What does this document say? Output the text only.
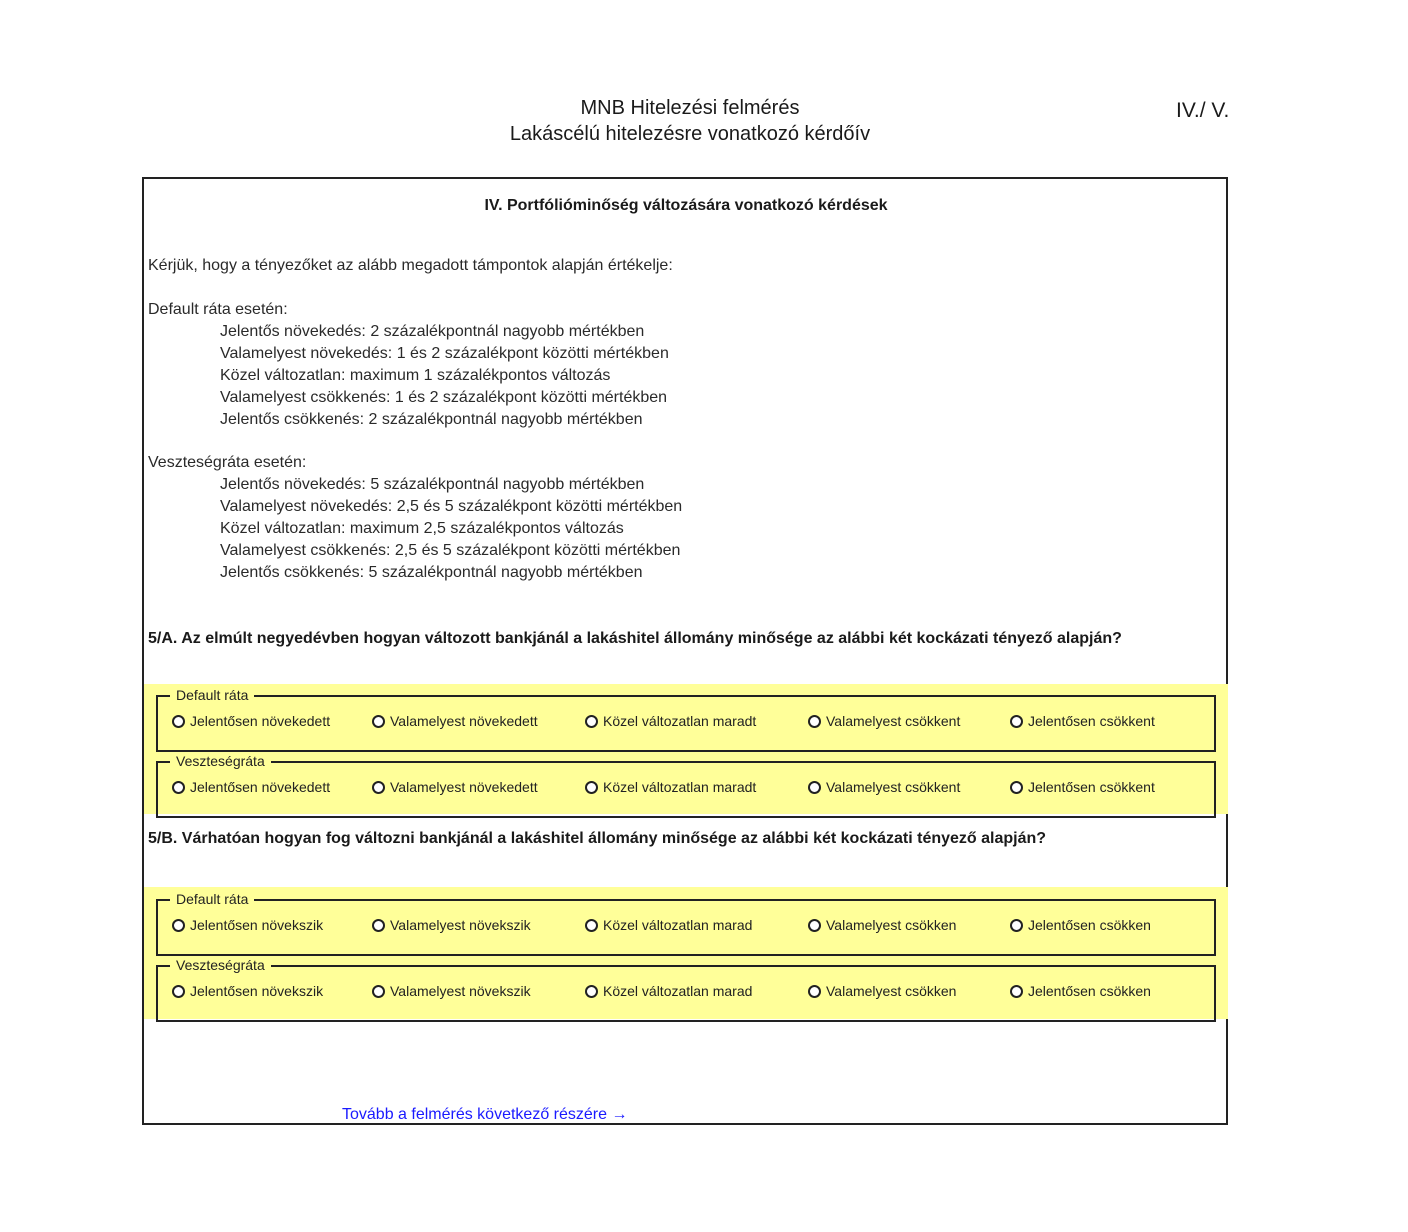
MNB Hitelezési felmérés
Lakáscélú hitelezésre vonatkozó kérdőív
IV./ V.
IV. Portfólióminőség változására vonatkozó kérdések
Kérjük, hogy a tényezőket az alább megadott támpontok alapján értékelje:
Default ráta esetén:
Jelentős növekedés: 2 százalékpontnál nagyobb mértékben
Valamelyest növekedés: 1 és 2 százalékpont közötti mértékben
Közel változatlan: maximum 1 százalékpontos változás
Valamelyest csökkenés: 1 és 2 százalékpont közötti mértékben
Jelentős csökkenés: 2 százalékpontnál nagyobb mértékben
Veszteségráta esetén:
Jelentős növekedés: 5 százalékpontnál nagyobb mértékben
Valamelyest növekedés: 2,5 és 5 százalékpont közötti mértékben
Közel változatlan: maximum 2,5 százalékpontos változás
Valamelyest csökkenés: 2,5 és 5 százalékpont közötti mértékben
Jelentős csökkenés: 5 százalékpontnál nagyobb mértékben
5/A. Az elmúlt negyedévben hogyan változott bankjánál a lakáshitel állomány minősége az alábbi két kockázati tényező alapján?
Default ráta
Jelentősen növekedett	Valamelyest növekedett	Közel változatlan maradt	Valamelyest csökkent	Jelentősen csökkent
Veszteségráta
Jelentősen növekedett	Valamelyest növekedett	Közel változatlan maradt	Valamelyest csökkent	Jelentősen csökkent
5/B. Várhatóan hogyan fog változni bankjánál a lakáshitel állomány minősége az alábbi két kockázati tényező alapján?
Default ráta
Jelentősen növekszik	Valamelyest növekszik	Közel változatlan marad	Valamelyest csökken	Jelentősen csökken
Veszteségráta
Jelentősen növekszik	Valamelyest növekszik	Közel változatlan marad	Valamelyest csökken	Jelentősen csökken
Tovább a felmérés következő részére →
